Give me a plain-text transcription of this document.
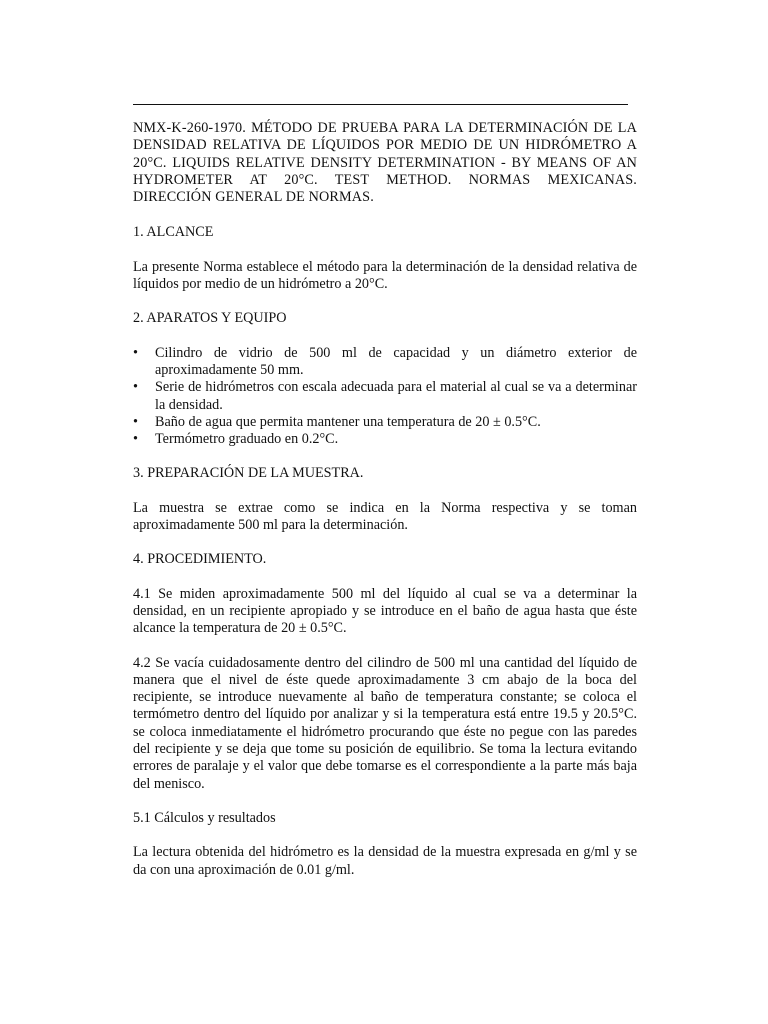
NMX-K-260-1970. MÉTODO DE PRUEBA PARA LA DETERMINACIÓN DE LA DENSIDAD RELATIVA DE LÍQUIDOS POR MEDIO DE UN HIDRÓMETRO A 20°C. LIQUIDS RELATIVE DENSITY DETERMINATION - BY MEANS OF AN HYDROMETER AT 20°C. TEST METHOD. NORMAS MEXICANAS. DIRECCIÓN GENERAL DE NORMAS.

1. ALCANCE

La presente Norma establece el método para la determinación de la densidad relativa de líquidos por medio de un hidrómetro a 20°C.

2. APARATOS Y EQUIPO

•	Cilindro de vidrio de 500 ml de capacidad y un diámetro exterior de aproximadamente 50 mm.
•	Serie de hidrómetros con escala adecuada para el material al cual se va a determinar la densidad.
•	Baño de agua que permita mantener una temperatura de 20 ± 0.5°C.
•	Termómetro graduado en 0.2°C.

3. PREPARACIÓN DE LA MUESTRA.

La muestra se extrae como se indica en la Norma respectiva y se toman aproximadamente 500 ml para la determinación.

4. PROCEDIMIENTO.

4.1 Se miden aproximadamente 500 ml del líquido al cual se va a determinar la densidad, en un recipiente apropiado y se introduce en el baño de agua hasta que éste alcance la temperatura de 20 ± 0.5°C.

4.2 Se vacía cuidadosamente dentro del cilindro de 500 ml una cantidad del líquido de manera que el nivel de éste quede aproximadamente 3 cm abajo de la boca del recipiente, se introduce nuevamente al baño de temperatura constante; se coloca el termómetro dentro del líquido por analizar y si la temperatura está entre 19.5 y 20.5°C. se coloca inmediatamente el hidrómetro procurando que éste no pegue con las paredes del recipiente y se deja que tome su posición de equilibrio. Se toma la lectura evitando errores de paralaje y el valor que debe tomarse es el correspondiente a la parte más baja del menisco.

5.1 Cálculos y resultados

La lectura obtenida del hidrómetro es la densidad de la muestra expresada en g/ml y se da con una aproximación de 0.01 g/ml.
